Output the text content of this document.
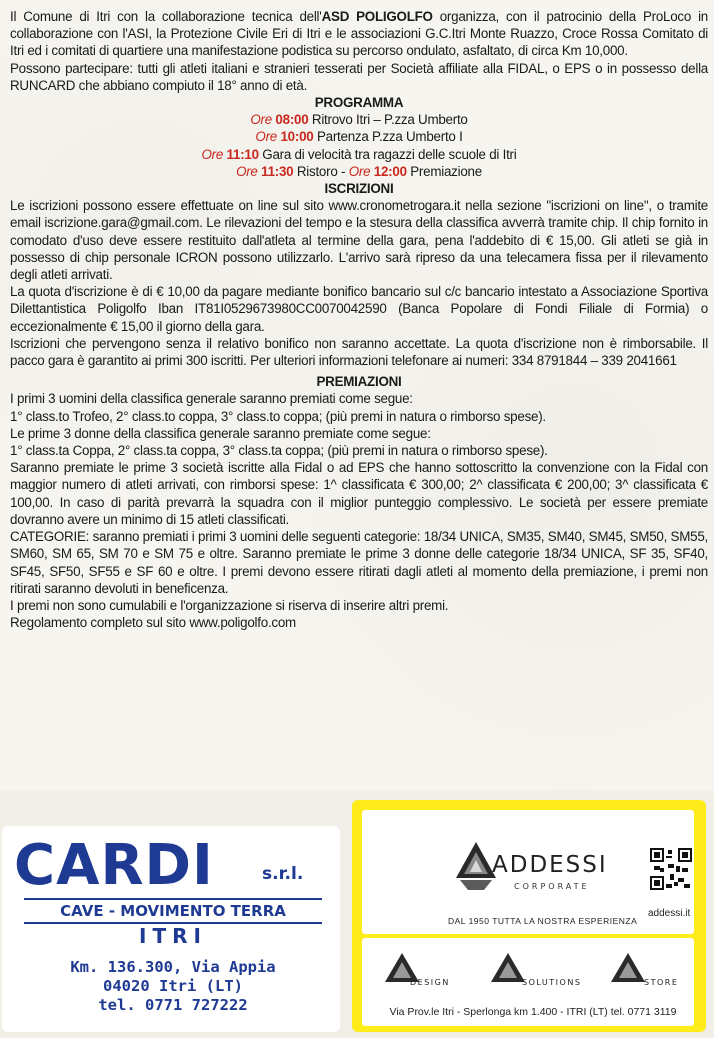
Il Comune di Itri con la collaborazione tecnica dell'ASD POLIGOLFO organizza, con il patrocinio della ProLoco in collaborazione con l'ASI, la Protezione Civile Eri di Itri e le associazioni G.C.Itri Monte Ruazzo, Croce Rossa Comitato di Itri ed i comitati di quartiere una manifestazione podistica su percorso ondulato, asfaltato, di circa Km 10,000.

Possono partecipare: tutti gli atleti italiani e stranieri tesserati per Società affiliate alla FIDAL, o EPS o in possesso della RUNCARD che abbiano compiuto il 18° anno di età.

PROGRAMMA

Ore 08:00 Ritrovo Itri – P.zza Umberto

Ore 10:00 Partenza P.zza Umberto I

Ore 11:10 Gara di velocità tra ragazzi delle scuole di Itri

Ore 11:30 Ristoro - Ore 12:00 Premiazione

ISCRIZIONI

Le iscrizioni possono essere effettuate on line sul sito www.cronometrogara.it nella sezione "iscrizioni on line", o tramite email iscrizione.gara@gmail.com. Le rilevazioni del tempo e la stesura della classifica avverrà tramite chip. Il chip fornito in comodato d'uso deve essere restituito dall'atleta al termine della gara, pena l'addebito di € 15,00. Gli atleti se già in possesso di chip personale ICRON possono utilizzarlo. L'arrivo sarà ripreso da una telecamera fissa per il rilevamento degli atleti arrivati.

La quota d'iscrizione è di € 10,00 da pagare mediante bonifico bancario sul c/c bancario intestato a Associazione Sportiva Dilettantistica Poligolfo Iban IT81I0529673980CC0070042590 (Banca Popolare di Fondi Filiale di Formia) o eccezionalmente € 15,00 il giorno della gara.

Iscrizioni che pervengono senza il relativo bonifico non saranno accettate. La quota d'iscrizione non è rimborsabile. Il pacco gara è garantito ai primi 300 iscritti. Per ulteriori informazioni telefonare ai numeri: 334 8791844 – 339 2041661

PREMIAZIONI

I primi 3 uomini della classifica generale saranno premiati come segue:

1° class.to Trofeo, 2° class.to coppa, 3° class.to coppa; (più premi in natura o rimborso spese).

Le prime 3 donne della classifica generale saranno premiate come segue:

1° class.ta Coppa, 2° class.ta coppa, 3° class.ta coppa; (più premi in natura o rimborso spese).

Saranno premiate le prime 3 società iscritte alla Fidal o ad EPS che hanno sottoscritto la convenzione con la Fidal con maggior numero di atleti arrivati, con rimborsi spese: 1^ classificata € 300,00; 2^ classificata € 200,00; 3^ classificata € 100,00. In caso di parità prevarrà la squadra con il miglior punteggio complessivo. Le società per essere premiate dovranno avere un minimo di 15 atleti classificati.

CATEGORIE: saranno premiati i primi 3 uomini delle seguenti categorie: 18/34 UNICA, SM35, SM40, SM45, SM50, SM55, SM60, SM 65, SM 70 e SM 75 e oltre. Saranno premiate le prime 3 donne delle categorie 18/34 UNICA, SF 35, SF40, SF45, SF50, SF55 e SF 60 e oltre. I premi devono essere ritirati dagli atleti al momento della premiazione, i premi non ritirati saranno devoluti in beneficenza.

I premi non sono cumulabili e l'organizzazione si riserva di inserire altri premi.

Regolamento completo sul sito www.poligolfo.com

CARDI	s.r.l.
CAVE - MOVIMENTO TERRA
ITRI
Km. 136.300, Via Appia
04020 Itri (LT)
tel. 0771 727222
ADDESSI
CORPORATE
DAL 1950 TUTTA LA NOSTRA ESPERIENZA
addessi.it
DESIGN	SOLUTIONS	STORE
Via Prov.le Itri - Sperlonga km 1.400 - ITRI (LT) tel. 0771 3119
